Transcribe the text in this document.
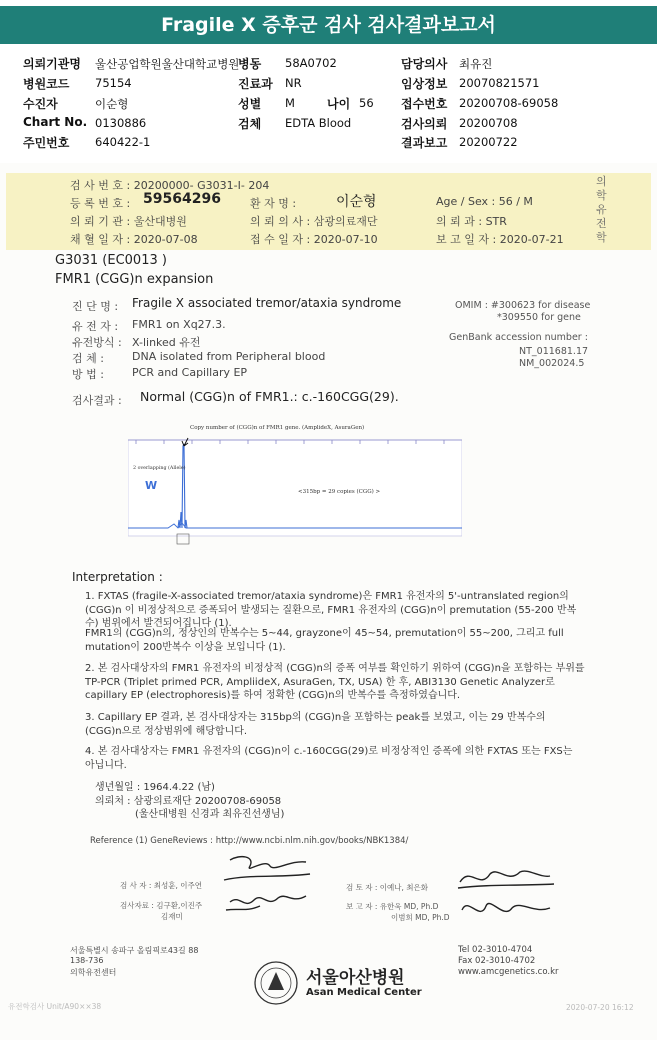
Fragile X 증후군 검사 검사결과보고서
의뢰기관명 울산공업학원울산대학교병원
병동 58A0702	담당의사 최유진
병원코드 75154	진료과 NR	임상정보 20070821571
수진자	이순형	성별 M	나이 56 접수번호 20200708-69058
Chart No. 0130886	검체 EDTA Blood	검사의뢰 20200708
주민번호 640422-1	결과보고 20200722
검 사 번 호 : 20200000- G3031-I- 204
등 록 번 호 : 59564296	환 자 명 :	이순형	Age / Sex : 56 / M
의 뢰 기 관 : 울산대병원	의 뢰 의 사 : 삼광의료재단	의 뢰 과 : STR
채 혈 일 자 : 2020-07-08	접 수 일 자 : 2020-07-10	보 고 일 자 : 2020-07-21
의 학 유 전 학
G3031 (EC0013 )
FMR1 (CGG)n expansion
진 단 명 : Fragile X associated tremor/ataxia syndrome
유 전 자 : FMR1 on Xq27.3.
유전방식 : X-linked 유전
검 체 :	DNA isolated from Peripheral blood
방 법 :	PCR and Capillary EP
OMIM : #300623 for disease
*309550 for gene
GenBank accession number :
NT_011681.17
NM_002024.5
검사결과 : Normal (CGG)n of FMR1.: c.-160CGG(29).
Copy number of (CGG)n of FMR1 gene. (AmplideX, AsuraGen)
W
2 overlapping (Allele)
<315bp = 29 copies (CGG) >
Interpretation :
1. FXTAS (fragile-X-associated tremor/ataxia syndrome)은 FMR1 유전자의 5'-untranslated region의 (CGG)n 이 비정상적으로 증폭되어 발생되는 질환으로, FMR1 유전자의 (CGG)n이 premutation (55-200 반복수) 범위에서 발견되어집니다 (1).
FMR1의 (CGG)n의, 정상인의 반복수는 5~44, grayzone이 45~54, premutation이 55~200, 그리고 full mutation이 200반복수 이상을 보입니다 (1).
2. 본 검사대상자의 FMR1 유전자의 비정상적 (CGG)n의 증폭 여부를 확인하기 위하여 (CGG)n을 포함하는 부위를 TP-PCR (Triplet primed PCR, AmpliideX, AsuraGen, TX, USA) 한 후, ABI3130 Genetic Analyzer로 capillary EP (electrophoresis)를 하여 정확한 (CGG)n의 반복수를 측정하였습니다.
3. Capillary EP 결과, 본 검사대상자는 315bp의 (CGG)n을 포함하는 peak를 보였고, 이는 29 반복수의 (CGG)n으로 정상범위에 해당합니다.
4. 본 검사대상자는 FMR1 유전자의 (CGG)n이 c.-160CGG(29)로 비정상적인 증폭에 의한 FXTAS 또는 FXS는 아닙니다.
생년월일 : 1964.4.22 (남)
의뢰처 : 삼광의료재단 20200708-69058
(울산대병원 신경과 최유진선생님)
Reference (1) GeneReviews : http://www.ncbi.nlm.nih.gov/books/NBK1384/
검 사 자 : 최성훈, 이주연
검사자료 : 김구환,이진주
김재미
검 토 자 : 이예나, 최은화
보 고 자 : 유한욱 MD, Ph.D
이범희 MD, Ph.D
서울특별시 송파구 올림픽로43길 88
138-736
의학유전센터	서울아산병원
Asan Medical Center
Tel 02-3010-4704
Fax 02-3010-4702
www.amcgenetics.co.kr
유전학검사 Unit/A90××38	2020-07-20 16:12
